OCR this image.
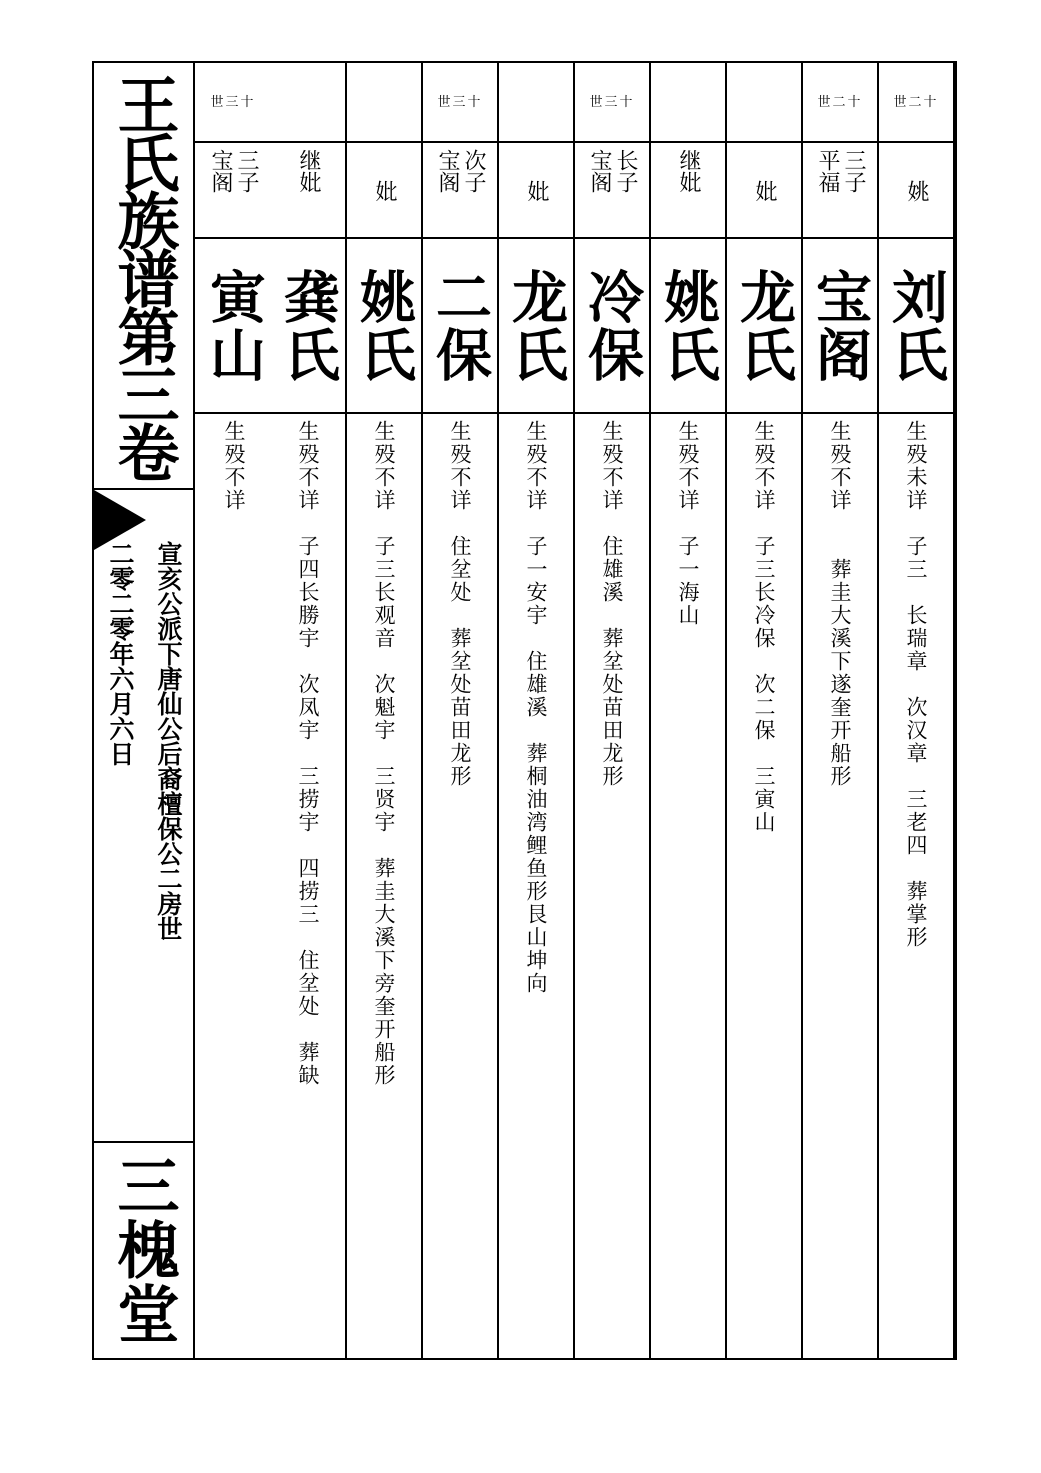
王氏族谱第三卷
宣亥公派下唐仙公后裔檀保公二房世
二零二零年六月六日
三槐堂
世二十
姚
刘氏
生殁未详　子三　长瑞章　次汉章　三老四　葬掌形
世二十
平福 三子
宝阁
生殁不详　　葬圭大溪下遂奎开船形
妣
龙氏
生殁不详　子三长冷保　次二保　三寅山
继妣
姚氏
生殁不详　子一海山
世三十
宝阁 长子
冷保
生殁不详　住雄溪　葬坌处苗田龙形
妣
龙氏
生殁不详　子一安宇　住雄溪　葬桐油湾鲤鱼形艮山坤向
世三十
宝阁 次子
二保
生殁不详　住坌处　葬坌处苗田龙形
妣
姚氏
生殁不详　子三长观音　次魁宇　三贤宇　葬圭大溪下旁奎开船形
继妣
龚氏
生殁不详　子四长勝宇　次凤宇　三捞宇　四捞三　住坌处　葬缺
世三十
宝阁 三子
寅山
生殁不详
